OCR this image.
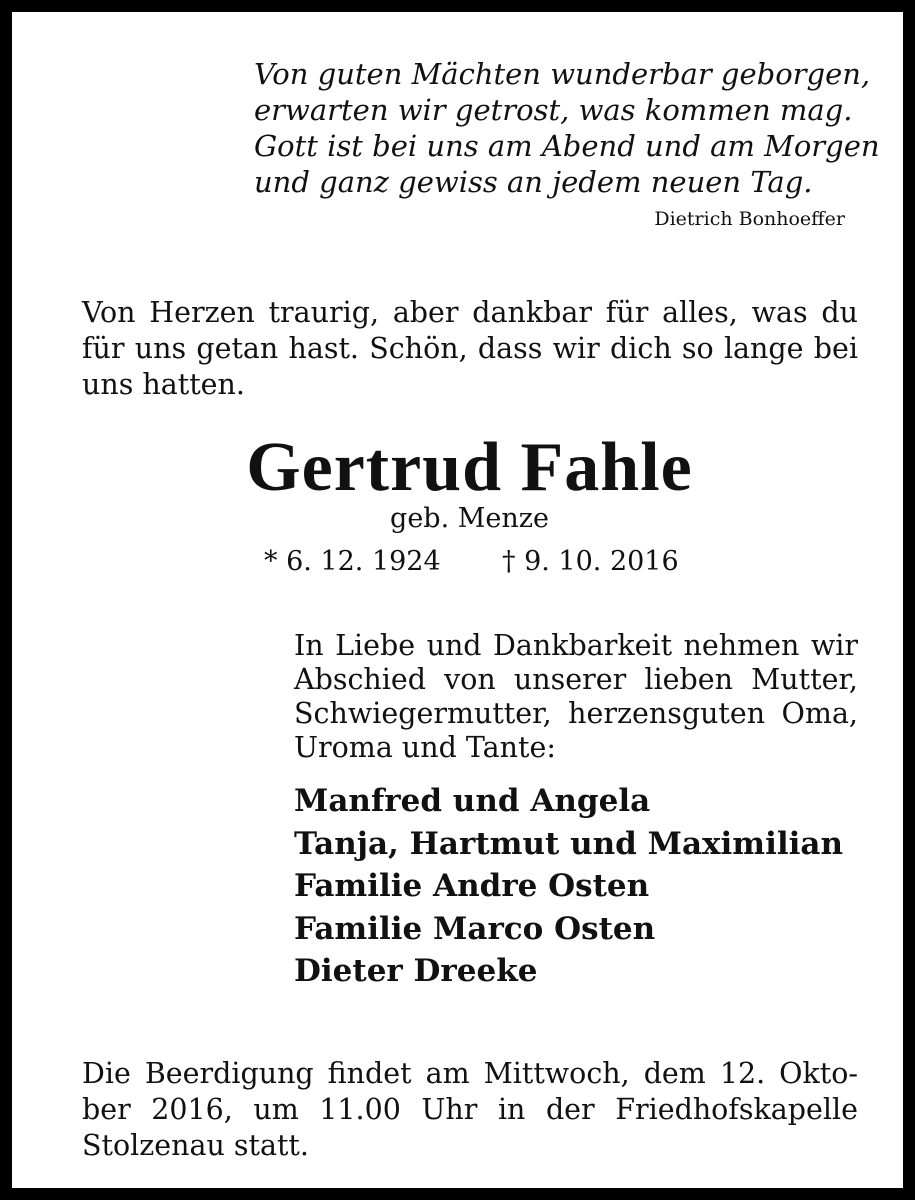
Von guten Mächten wunderbar geborgen,
erwarten wir getrost, was kommen mag.
Gott ist bei uns am Abend und am Morgen
und ganz gewiss an jedem neuen Tag.
Dietrich Bonhoeffer
Von Herzen traurig, aber dankbar für alles, was du
für uns getan hast. Schön, dass wir dich so lange bei
uns hatten.
Gertrud Fahle
geb. Menze
* 6. 12. 1924 † 9. 10. 2016
In Liebe und Dankbarkeit nehmen wir
Abschied von unserer lieben Mutter,
Schwiegermutter, herzensguten Oma,
Uroma und Tante:
Manfred und Angela
Tanja, Hartmut und Maximilian
Familie Andre Osten
Familie Marco Osten
Dieter Dreeke
Die Beerdigung findet am Mittwoch, dem 12. Okto-
ber 2016, um 11.00 Uhr in der Friedhofskapelle
Stolzenau statt.
